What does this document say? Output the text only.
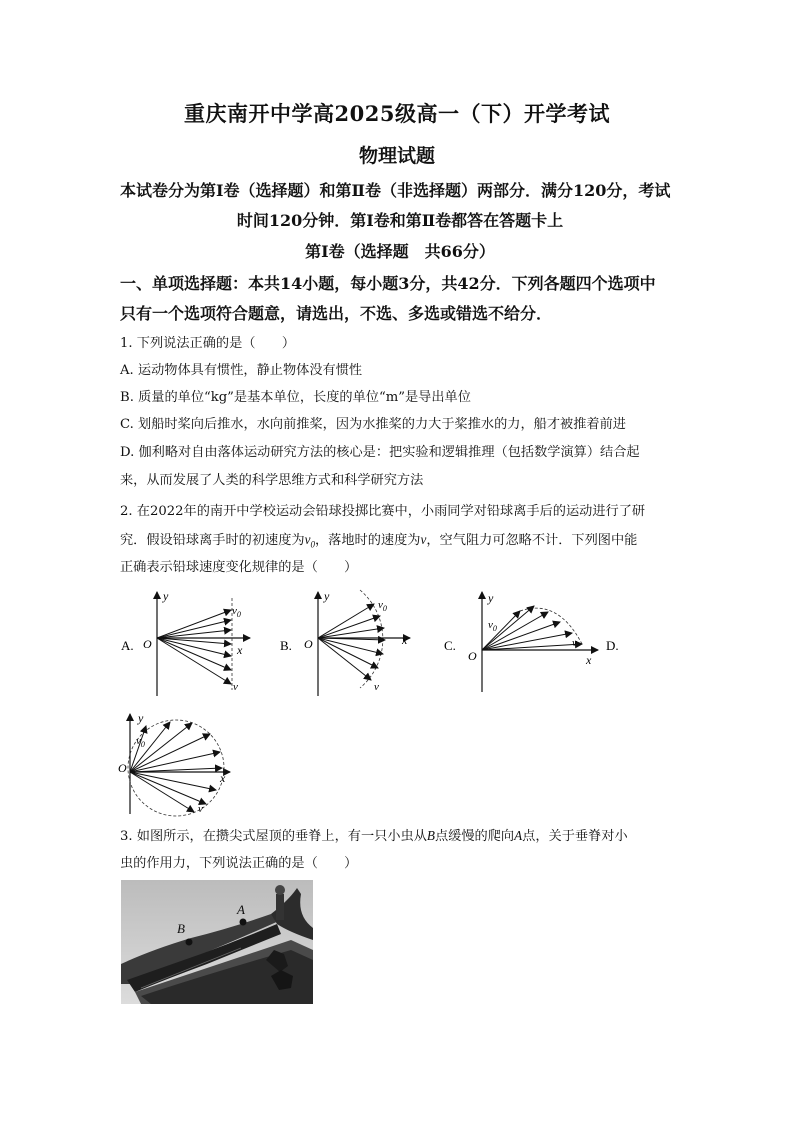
重庆南开中学高2025级高一（下）开学考试
物理试题
本试卷分为第Ⅰ卷（选择题）和第Ⅱ卷（非选择题）两部分．满分120分，考试
时间120分钟．第Ⅰ卷和第Ⅱ卷都答在答题卡上
第Ⅰ卷（选择题　共66分）
一、单项选择题：本共14小题，每小题3分，共42分．下列各题四个选项中
只有一个选项符合题意，请选出，不选、多选或错选不给分．
1. 下列说法正确的是（　　）
A. 运动物体具有惯性，静止物体没有惯性
B. 质量的单位“kg”是基本单位，长度的单位“m”是导出单位
C. 划船时桨向后推水，水向前推桨，因为水推桨的力大于桨推水的力，船才被推着前进
D. 伽利略对自由落体运动研究方法的核心是：把实验和逻辑推理（包括数学演算）结合起
来，从而发展了人类的科学思维方式和科学研究方法
2. 在2022年的南开中学校运动会铅球投掷比赛中，小雨同学对铅球离手后的运动进行了研
究．假设铅球离手时的初速度为$v_0$，落地时的速度为v，空气阻力可忽略不计．下列图中能
正确表示铅球速度变化规律的是（　　）
A.
y
x
O
$v_0$
v
B.
y
x
O
$v_0$
v
C.
y
x
O
$v_0$
v D.
y
x
O
$v_0$
v
3. 如图所示，在攒尖式屋顶的垂脊上，有一只小虫从B点缓慢的爬向A点，关于垂脊对小
虫的作用力，下列说法正确的是（　　）
B
A
